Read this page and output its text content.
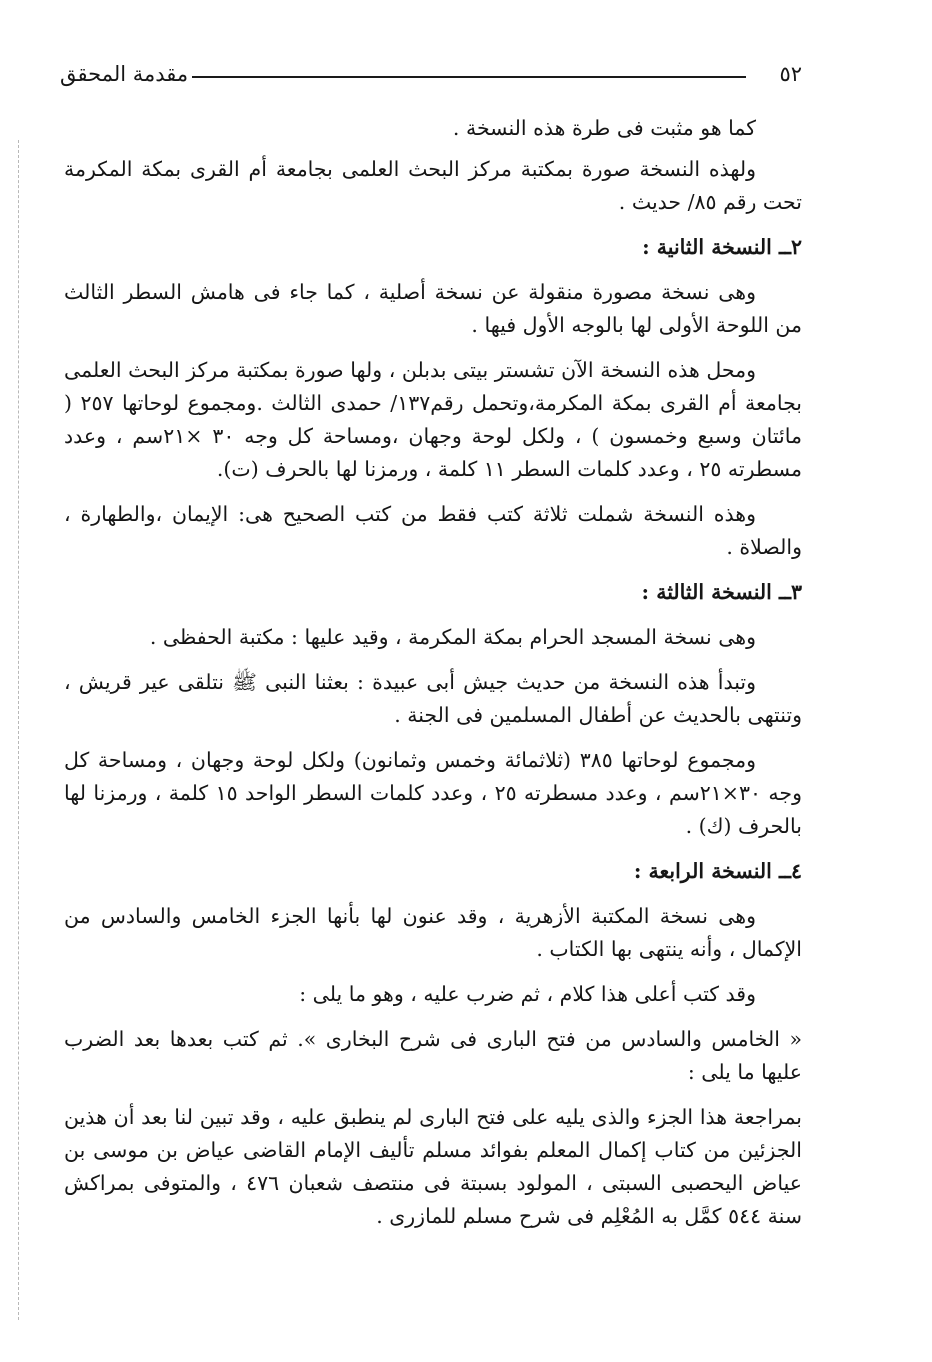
مقدمة المحقق	٥٢

كما هو مثبت فى طرة هذه النسخة .

ولهذه النسخة صورة بمكتبة مركز البحث العلمى بجامعة أم القرى بمكة المكرمة تحت رقم ٨٥/ حديث .

٢ــ النسخة الثانية :

وهى نسخة مصورة منقولة عن نسخة أصلية ، كما جاء فى هامش السطر الثالث من اللوحة الأولى لها بالوجه الأول فيها .

ومحل هذه النسخة الآن تشستر بيتى بدبلن ، ولها صورة بمكتبة مركز البحث العلمى بجامعة أم القرى بمكة المكرمة،وتحمل رقم١٣٧/ حمدى الثالث .ومجموع لوحاتها ٢٥٧ ( مائتان وسبع وخمسون ) ، ولكل لوحة وجهان ،ومساحة كل وجه ٣٠ ×٢١سم ، وعدد مسطرته ٢٥ ، وعدد كلمات السطر ١١ كلمة ، ورمزنا لها بالحرف (ت).

وهذه النسخة شملت ثلاثة كتب فقط من كتب الصحيح هى: الإيمان ،والطهارة ، والصلاة .

٣ــ النسخة الثالثة :

وهى نسخة المسجد الحرام بمكة المكرمة ، وقيد عليها : مكتبة الحفظى .

وتبدأ هذه النسخة من حديث جيش أبى عبيدة : بعثنا النبى ﷺ نتلقى عير قريش ، وتنتهى بالحديث عن أطفال المسلمين فى الجنة .

ومجموع لوحاتها ٣٨٥ (ثلاثمائة وخمس وثمانون) ولكل لوحة وجهان ، ومساحة كل وجه ٣٠×٢١سم ، وعدد مسطرته ٢٥ ، وعدد كلمات السطر الواحد ١٥ كلمة ، ورمزنا لها بالحرف (ك) .

٤ــ النسخة الرابعة :

وهى نسخة المكتبة الأزهرية ، وقد عنون لها بأنها الجزء الخامس والسادس من الإكمال ، وأنه ينتهى بها الكتاب .

وقد كتب أعلى هذا كلام ، ثم ضرب عليه ، وهو ما يلى :

« الخامس والسادس من فتح البارى فى شرح البخارى ». ثم كتب بعدها بعد الضرب عليها ما يلى :

بمراجعة هذا الجزء والذى يليه على فتح البارى لم ينطبق عليه ، وقد تبين لنا بعد أن هذين الجزئين من كتاب إكمال المعلم بفوائد مسلم تأليف الإمام القاضى عياض بن موسى بن عياض اليحصبى السبتى ، المولود بسبتة فى منتصف شعبان ٤٧٦ ، والمتوفى بمراكش سنة ٥٤٤ كمَّل به المُعْلِم فى شرح مسلم للمازرى .
